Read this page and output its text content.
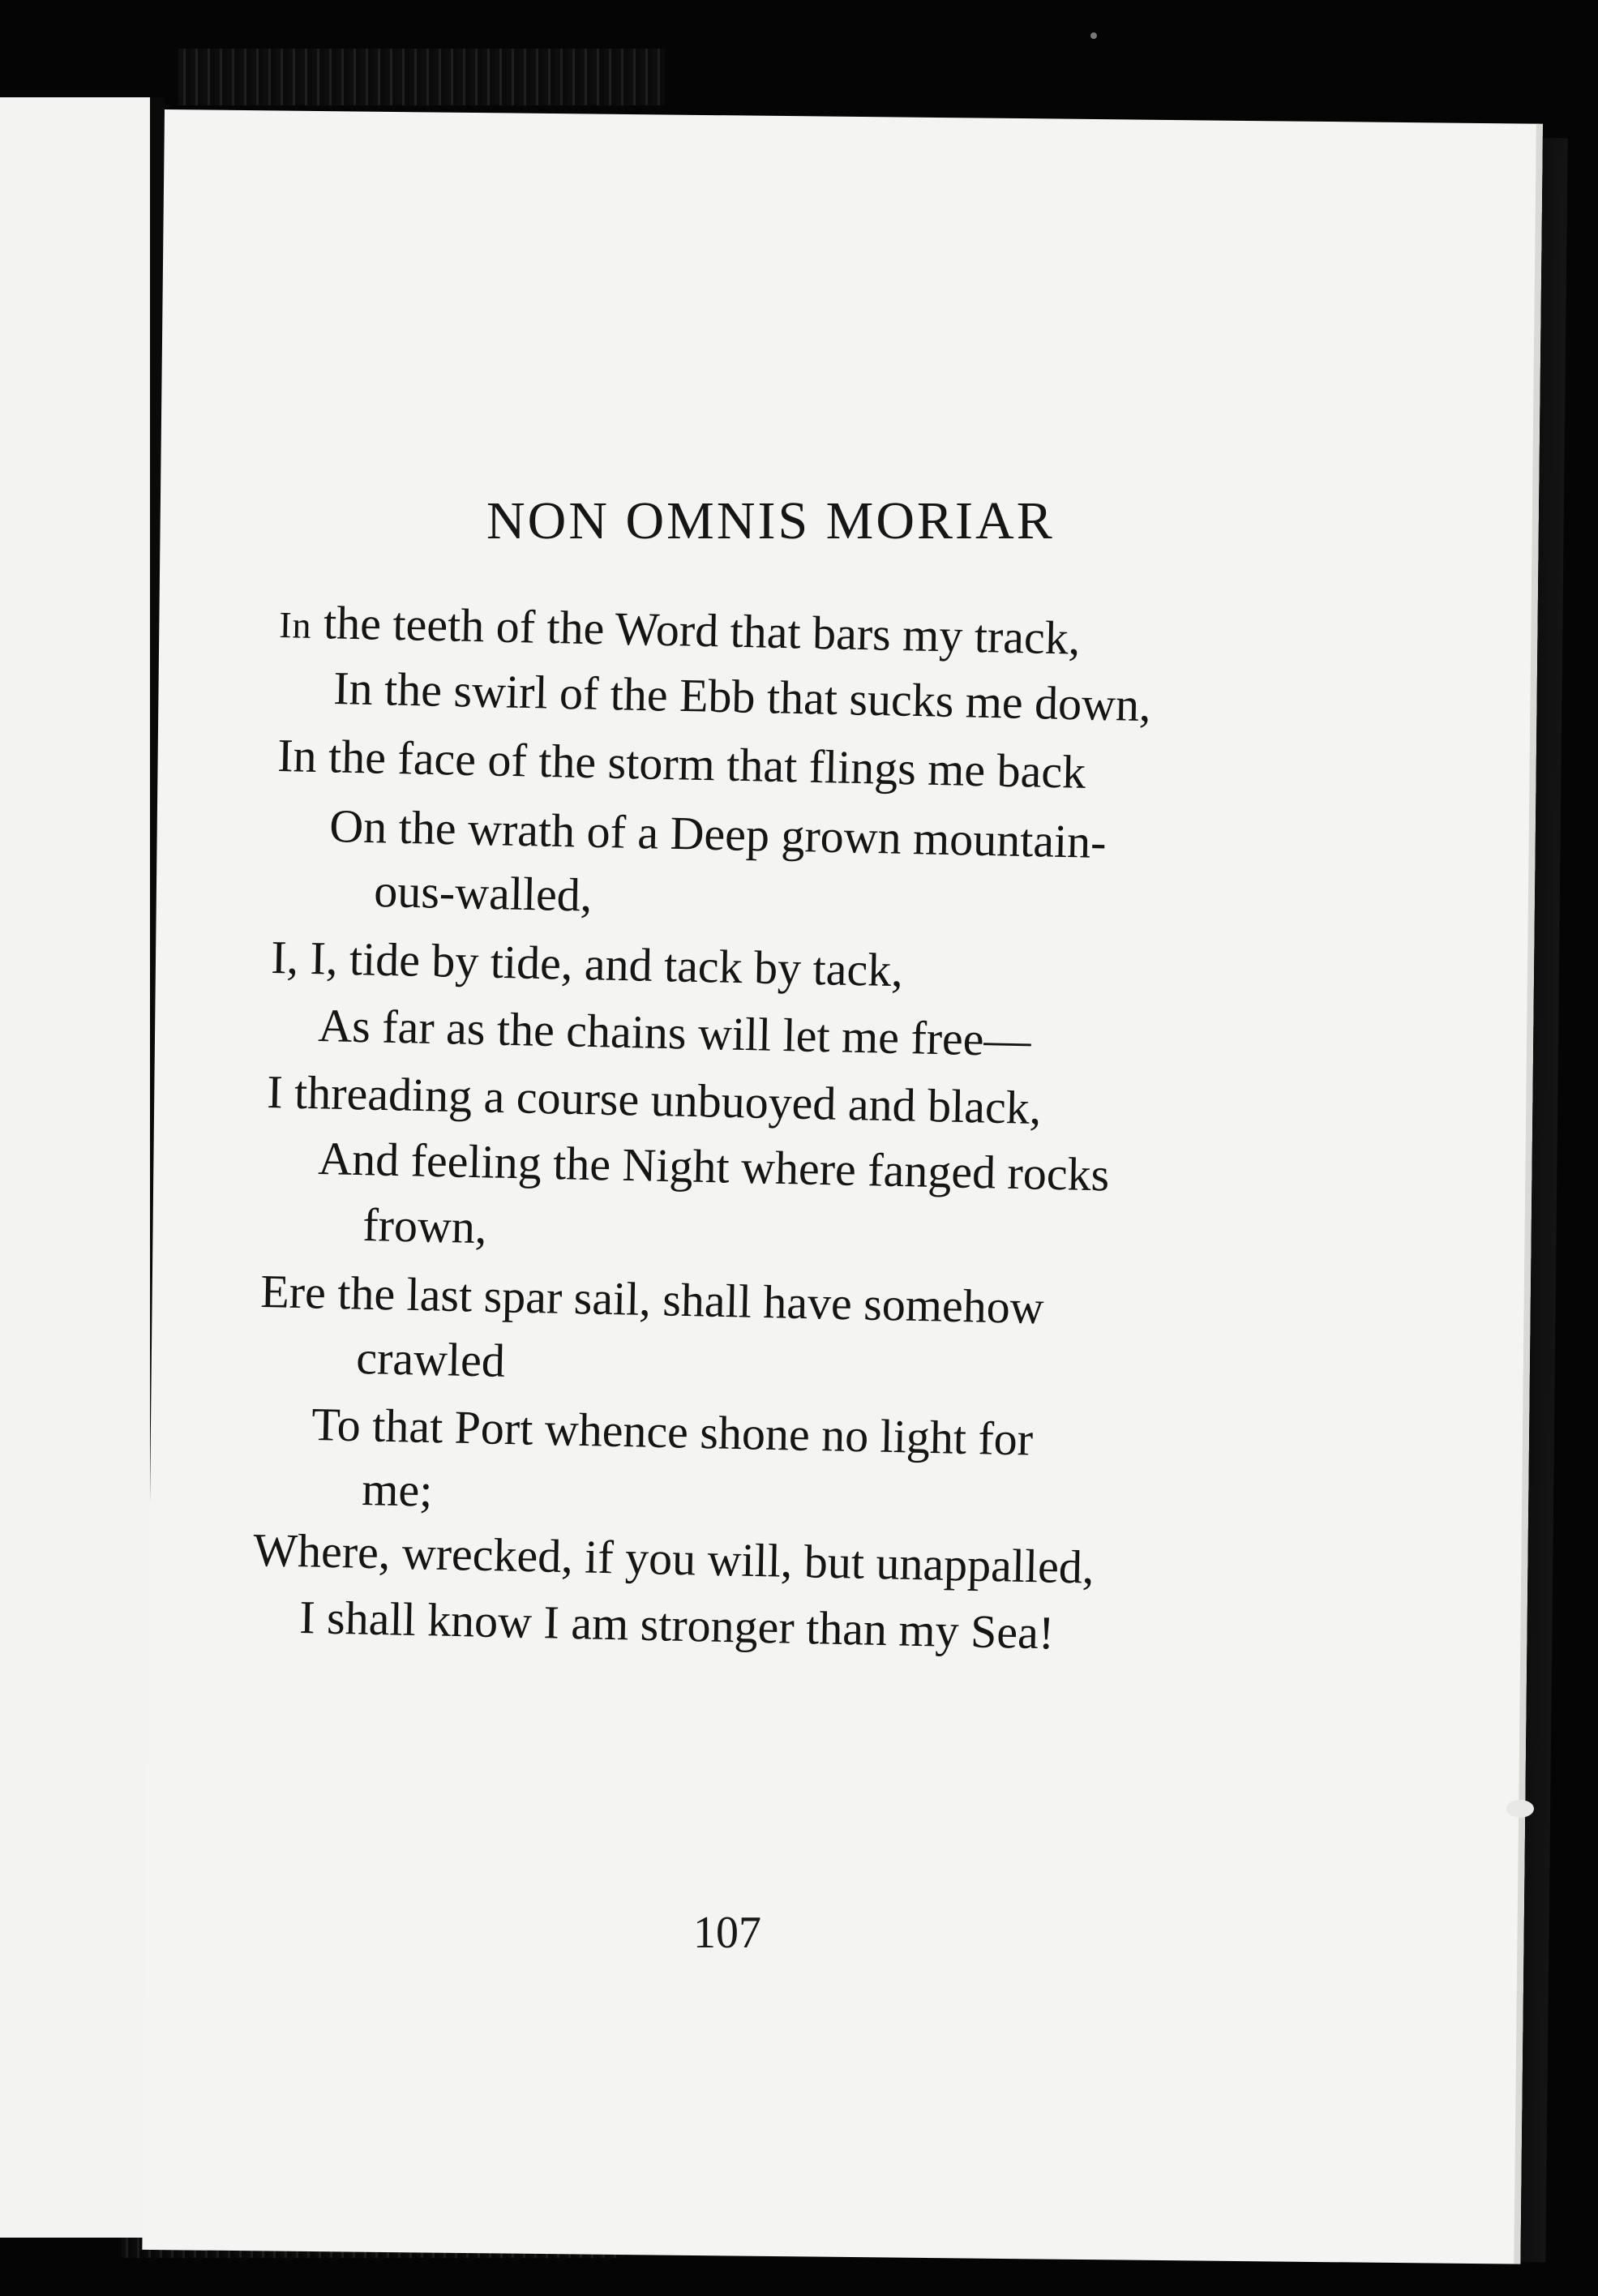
NON OMNIS MORIAR
In the teeth of the Word that bars my track,
In the swirl of the Ebb that sucks me down,
In the face of the storm that flings me back
On the wrath of a Deep grown mountain-
ous-walled,
I, I, tide by tide, and tack by tack,
As far as the chains will let me free—
I threading a course unbuoyed and black,
And feeling the Night where fanged rocks
frown,
Ere the last spar sail, shall have somehow
crawled
To that Port whence shone no light for
me;
Where, wrecked, if you will, but unappalled,
I shall know I am stronger than my Sea!
107
